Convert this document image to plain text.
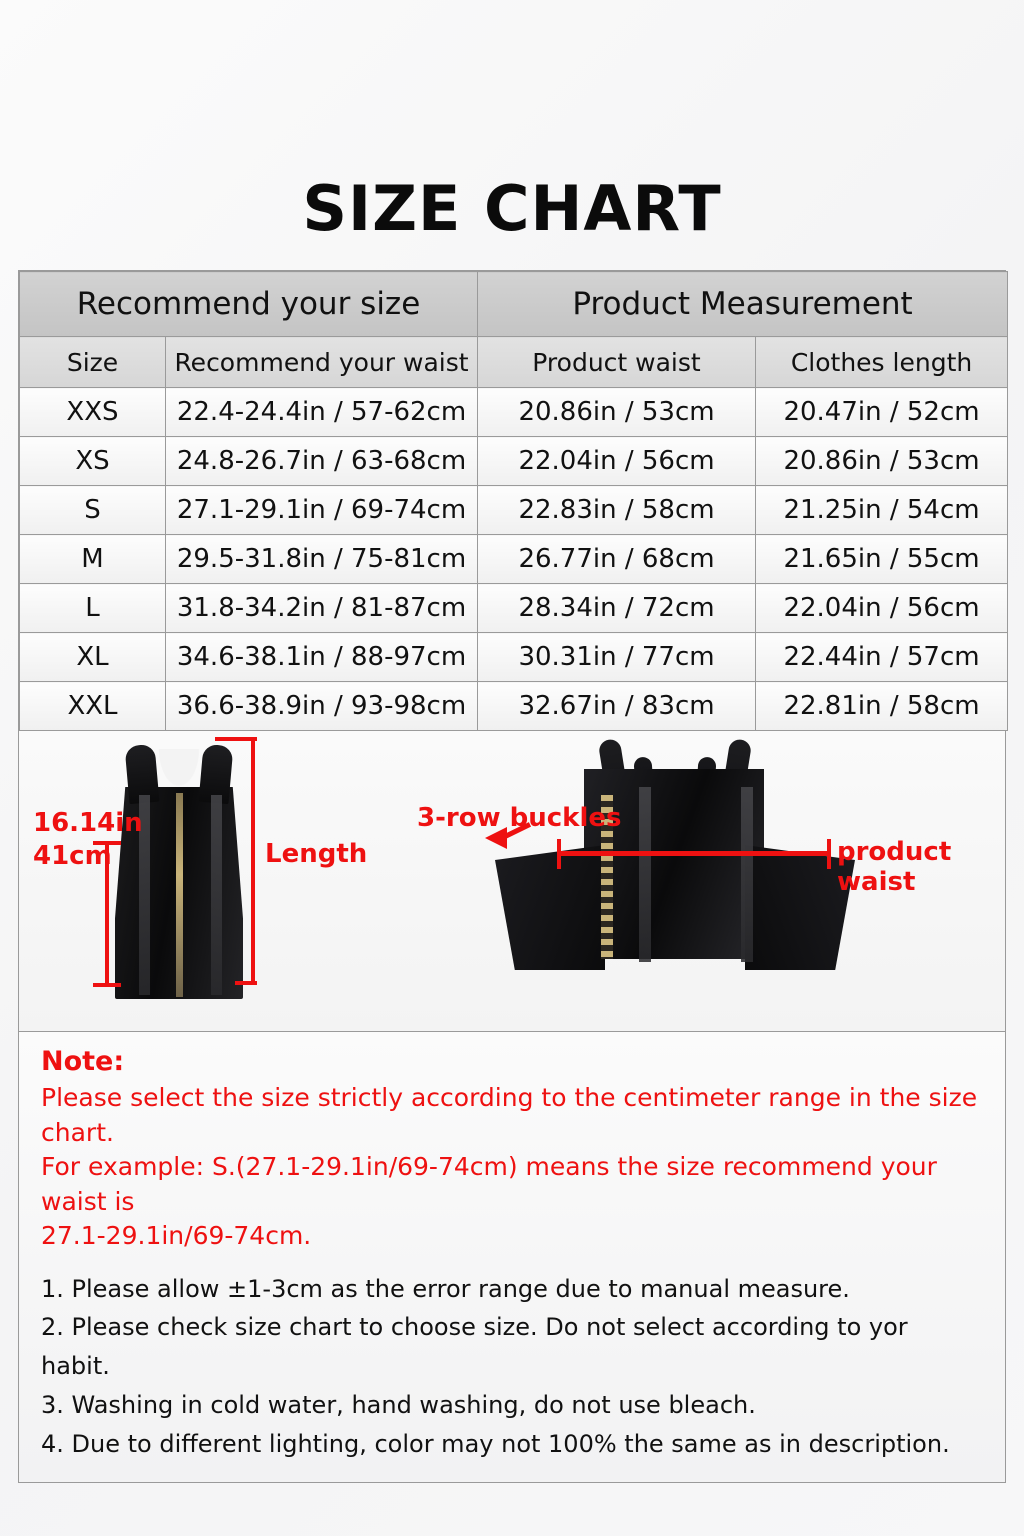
SIZE CHART
Recommend your size		Product Measurement	
Size	Recommend your waist	Product waist	Clothes length
XXS	22.4-24.4in / 57-62cm	20.86in / 53cm	20.47in / 52cm
XS	24.8-26.7in / 63-68cm	22.04in / 56cm	20.86in / 53cm
S	27.1-29.1in / 69-74cm	22.83in / 58cm	21.25in / 54cm
M	29.5-31.8in / 75-81cm	26.77in / 68cm	21.65in / 55cm
L	31.8-34.2in / 81-87cm	28.34in / 72cm	22.04in / 56cm
XL	34.6-38.1in / 88-97cm	30.31in / 77cm	22.44in / 57cm
XXL	36.6-38.9in / 93-98cm	32.67in / 83cm	22.81in / 58cm
16.14in
41cm	Length
3-row buckles
product waist
Note:
Please select the size strictly according to the centimeter range in the size chart.
For example: S.(27.1-29.1in/69-74cm) means the size recommend your waist is
27.1-29.1in/69-74cm.
1. Please allow ±1-3cm as the error range due to manual measure.
2. Please check size chart to choose size. Do not select according to yor habit.
3. Washing in cold water, hand washing, do not use bleach.
4. Due to different lighting, color may not 100% the same as in description.
